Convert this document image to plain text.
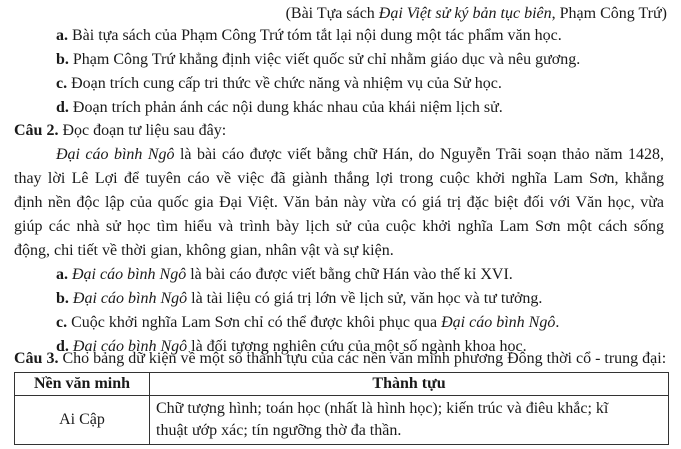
(Bài Tựa sách Đại Việt sử ký bản tục biên, Phạm Công Trứ)
a. Bài tựa sách của Phạm Công Trứ tóm tắt lại nội dung một tác phẩm văn học.
b. Phạm Công Trứ khẳng định việc viết quốc sử chỉ nhằm giáo dục và nêu gương.
c. Đoạn trích cung cấp tri thức về chức năng và nhiệm vụ của Sử học.
d. Đoạn trích phản ánh các nội dung khác nhau của khái niệm lịch sử.
Câu 2. Đọc đoạn tư liệu sau đây:
Đại cáo bình Ngô là bài cáo được viết bằng chữ Hán, do Nguyễn Trãi soạn thảo năm 1428,
thay lời Lê Lợi để tuyên cáo về việc đã giành thắng lợi trong cuộc khởi nghĩa Lam Sơn, khẳng
định nền độc lập của quốc gia Đại Việt. Văn bản này vừa có giá trị đặc biệt đối với Văn học, vừa
giúp các nhà sử học tìm hiểu và trình bày lịch sử của cuộc khởi nghĩa Lam Sơn một cách sống
động, chi tiết về thời gian, không gian, nhân vật và sự kiện.
a. Đại cáo bình Ngô là bài cáo được viết bằng chữ Hán vào thế kỉ XVI.
b. Đại cáo bình Ngô là tài liệu có giá trị lớn về lịch sử, văn học và tư tưởng.
c. Cuộc khởi nghĩa Lam Sơn chỉ có thể được khôi phục qua Đại cáo bình Ngô.
d. Đại cáo bình Ngô là đối tượng nghiên cứu của một số ngành khoa học.
Câu 3. Cho bảng dữ kiện về một số thành tựu của các nền văn minh phương Đông thời cổ - trung đại:
Nền văn minh	Thành tựu
Ai Cập	Chữ tượng hình; toán học (nhất là hình học); kiến trúc và điêu khắc; kĩ
thuật ướp xác; tín ngưỡng thờ đa thần.
